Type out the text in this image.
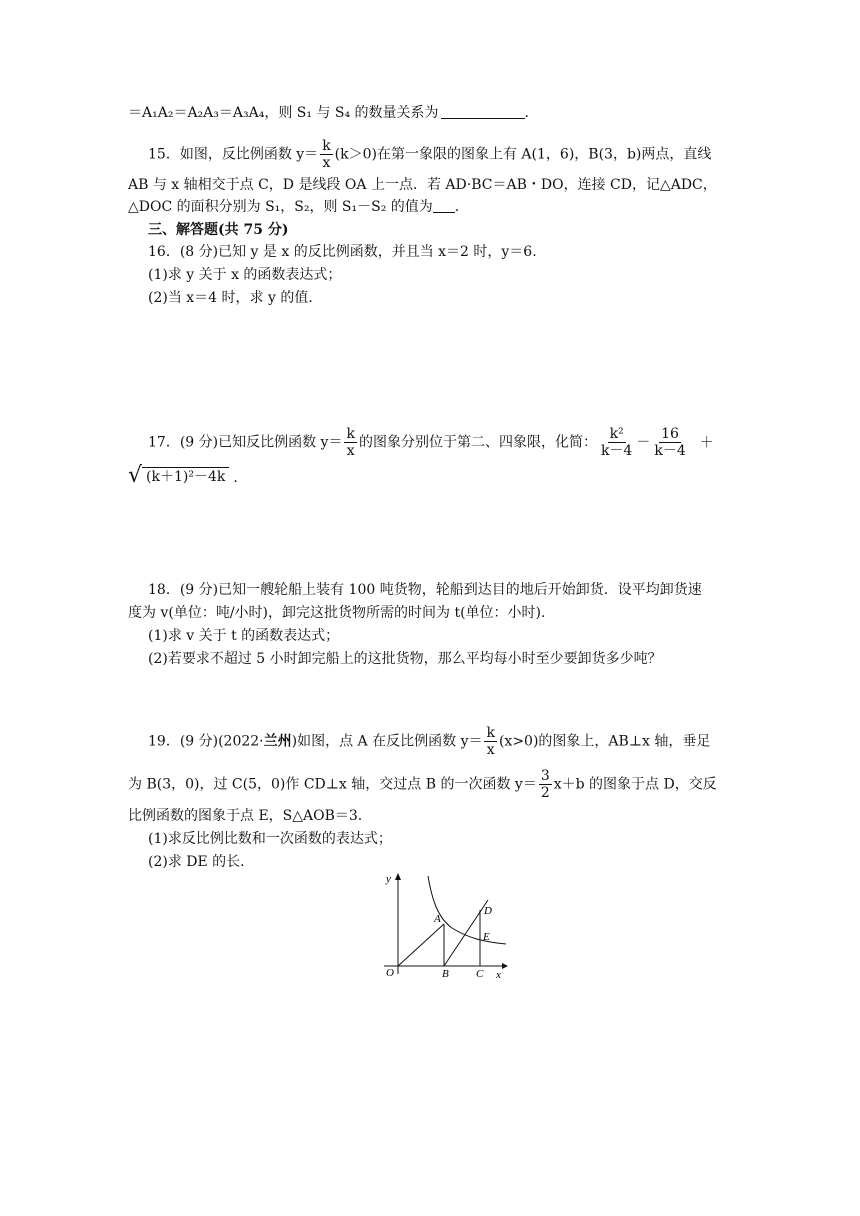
＝A₁A₂＝A₂A₃＝A₃A₄，则 S₁ 与 S₄ 的数量关系为	.
15．如图，反比例函数 $y= \frac{k}{x} (k>0)$在第一象限的图象上有 A(1，6)，B(3，b)两点，直线
AB 与 x 轴相交于点 C，D 是线段 OA 上一点．若 AD·BC＝AB・DO，连接 CD，记△ADC，
△DOC 的面积分别为 S₁，S₂，则 S₁－S₂ 的值为 .
三、解答题(共 75 分)
16．(8 分)已知 y 是 x 的反比例函数，并且当 x＝2 时，y＝6.
(1)求 y 关于 x 的函数表达式；
(2)当 x＝4 时，求 y 的值．
17．(9 分)已知反比例函数 $y= \frac{k}{x}$ 的图象分别位于第二、四象限，化简： $\frac{\text{k²}}{k-4} - \frac{16}{k-4}$ ＋
√ (k＋1)²－4k .
18．(9 分)已知一艘轮船上装有 100 吨货物，轮船到达目的地后开始卸货．设平均卸货速
度为 v(单位：吨/小时)，卸完这批货物所需的时间为 t(单位：小时).
(1)求 v 关于 t 的函数表达式；
(2)若要求不超过 5 小时卸完船上的这批货物，那么平均每小时至少要卸货多少吨？
19．(9 分)(2022·兰州)如图，点 A 在反比例函数 $y= \frac{k}{x} (x>0)$的图象上，AB⊥x 轴，垂足
为 B(3，0)，过 C(5，0)作 CD⊥x 轴，交过点 B 的一次函数 $y= \frac{3}{2} x+b$ 的图象于点 D，交反
比例函数的图象于点 E，S△AOB＝3.
(1)求反比例比数和一次函数的表达式；
(2)求 DE 的长．
y
x
O
A
B C
D
E
